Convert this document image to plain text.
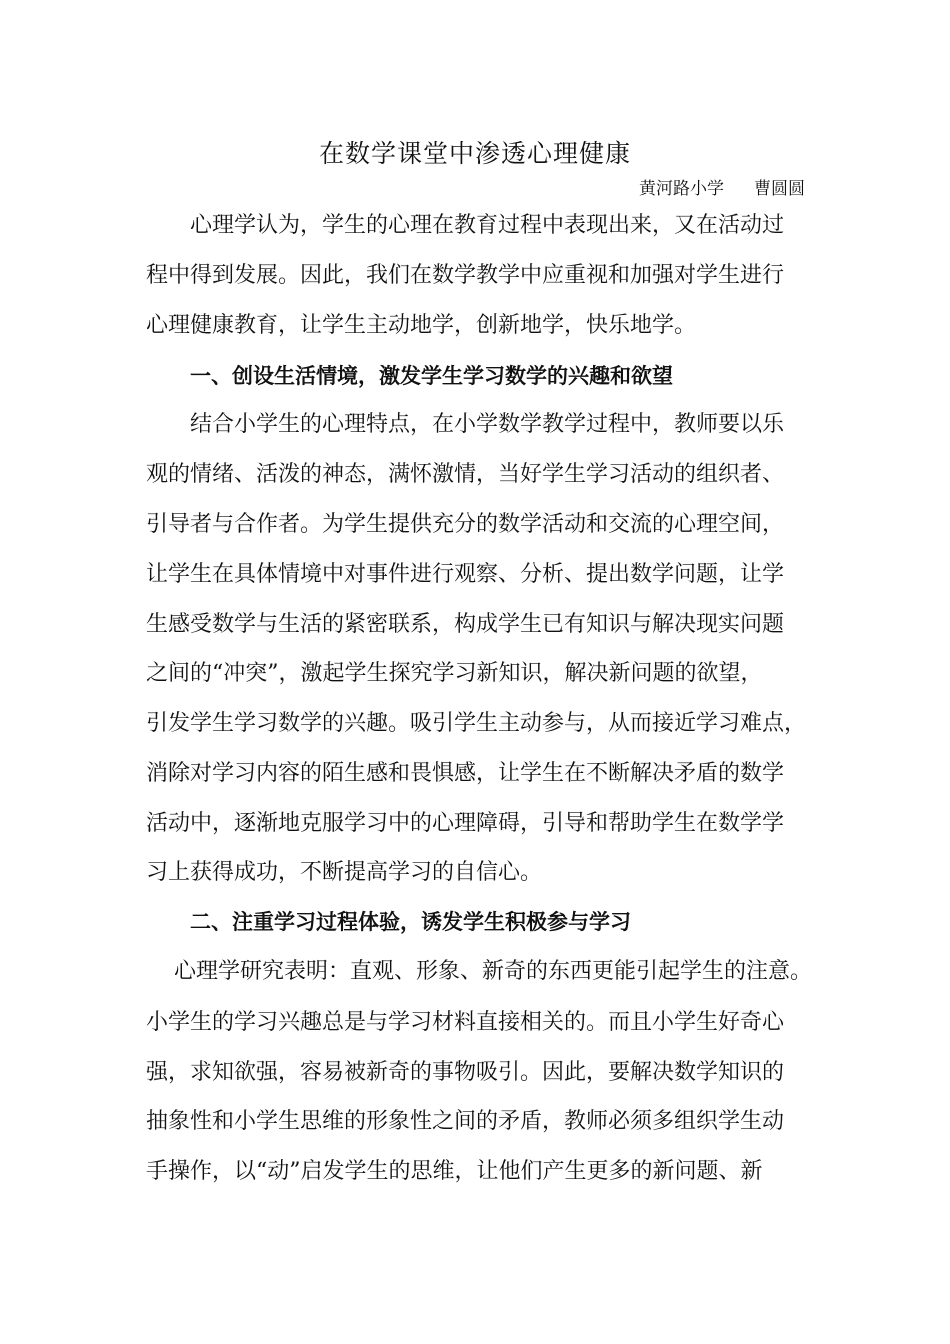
在数学课堂中渗透心理健康
黄河路小学 曹圆圆
心理学认为，学生的心理在教育过程中表现出来，又在活动过
程中得到发展。因此，我们在数学教学中应重视和加强对学生进行
心理健康教育，让学生主动地学，创新地学，快乐地学。
一、创设生活情境，激发学生学习数学的兴趣和欲望
结合小学生的心理特点，在小学数学教学过程中，教师要以乐
观的情绪、活泼的神态，满怀激情，当好学生学习活动的组织者、
引导者与合作者。为学生提供充分的数学活动和交流的心理空间，
让学生在具体情境中对事件进行观察、分析、提出数学问题，让学
生感受数学与生活的紧密联系，构成学生已有知识与解决现实问题
之间的“冲突”，激起学生探究学习新知识，解决新问题的欲望，
引发学生学习数学的兴趣。吸引学生主动参与，从而接近学习难点，
消除对学习内容的陌生感和畏惧感，让学生在不断解决矛盾的数学
活动中，逐渐地克服学习中的心理障碍，引导和帮助学生在数学学
习上获得成功，不断提高学习的自信心。
二、注重学习过程体验，诱发学生积极参与学习
心理学研究表明：直观、形象、新奇的东西更能引起学生的注意。
小学生的学习兴趣总是与学习材料直接相关的。而且小学生好奇心
强，求知欲强，容易被新奇的事物吸引。因此，要解决数学知识的
抽象性和小学生思维的形象性之间的矛盾，教师必须多组织学生动
手操作，以“动”启发学生的思维，让他们产生更多的新问题、新
